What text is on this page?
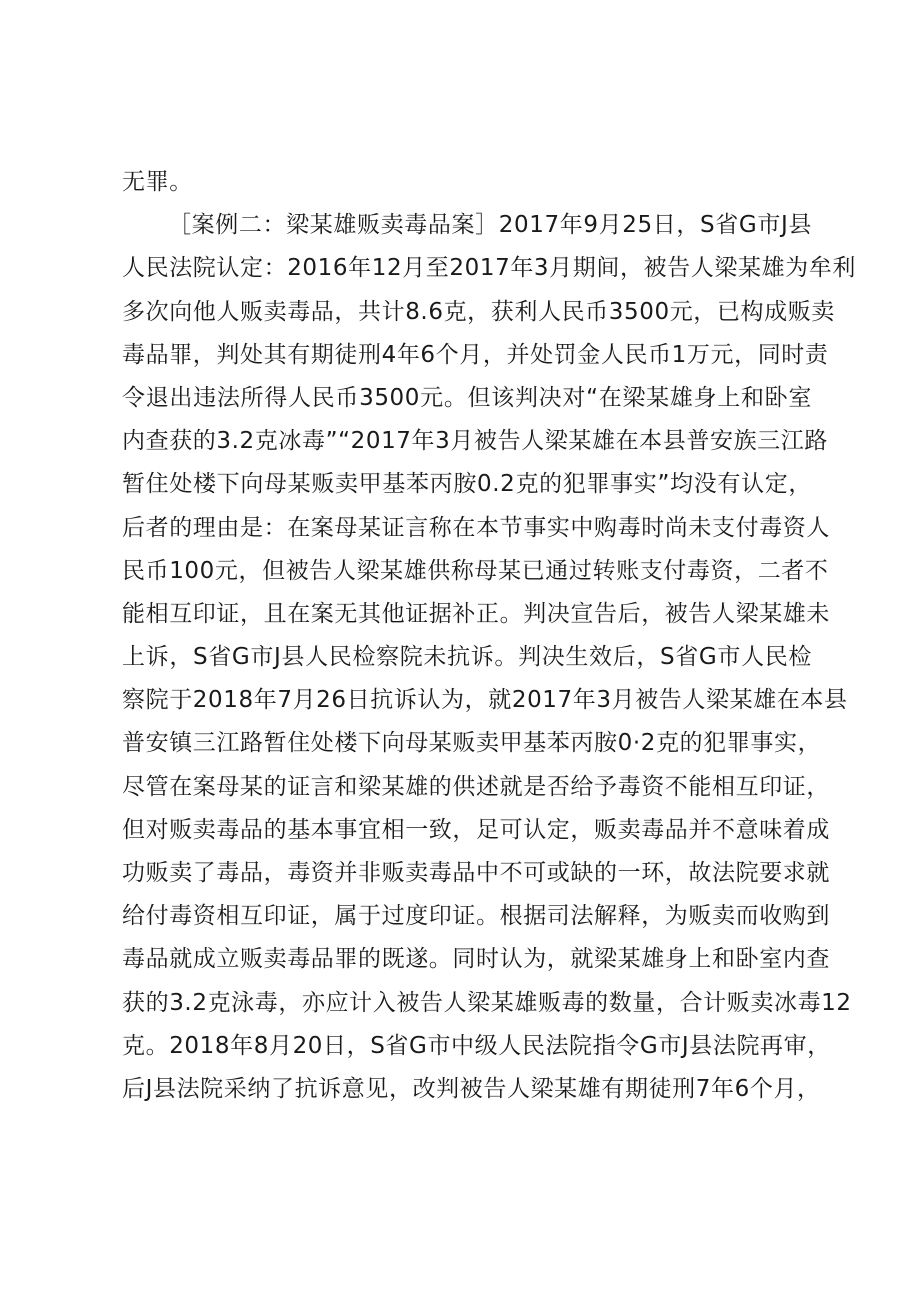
无罪。
［案例二：梁某雄贩卖毒品案］2017年9月25日，S省G市J县
人民法院认定：2016年12月至2017年3月期间，被告人梁某雄为牟利
多次向他人贩卖毒品，共计8.6克，获利人民币3500元，已构成贩卖
毒品罪，判处其有期徒刑4年6个月，并处罚金人民币1万元，同时责
令退出违法所得人民币3500元。但该判决对“在梁某雄身上和卧室
内查获的3.2克冰毒”“2017年3月被告人梁某雄在本县普安族三江路
暂住处楼下向母某贩卖甲基苯丙胺0.2克的犯罪事实”均没有认定，
后者的理由是：在案母某证言称在本节事实中购毒时尚未支付毒资人
民币100元，但被告人梁某雄供称母某已通过转账支付毒资，二者不
能相互印证，且在案无其他证据补正。判决宣告后，被告人梁某雄未
上诉，S省G市J县人民检察院未抗诉。判决生效后，S省G市人民检
察院于2018年7月26日抗诉认为，就2017年3月被告人梁某雄在本县
普安镇三江路暂住处楼下向母某贩卖甲基苯丙胺0·2克的犯罪事实，
尽管在案母某的证言和梁某雄的供述就是否给予毒资不能相互印证，
但对贩卖毒品的基本事宜相一致，足可认定，贩卖毒品并不意味着成
功贩卖了毒品，毒资并非贩卖毒品中不可或缺的一环，故法院要求就
给付毒资相互印证，属于过度印证。根据司法解释，为贩卖而收购到
毒品就成立贩卖毒品罪的既遂。同时认为，就梁某雄身上和卧室内查
获的3.2克泳毒，亦应计入被告人梁某雄贩毒的数量，合计贩卖冰毒12
克。2018年8月20日，S省G市中级人民法院指令G市J县法院再审，
后J县法院采纳了抗诉意见，改判被告人梁某雄有期徒刑7年6个月，
